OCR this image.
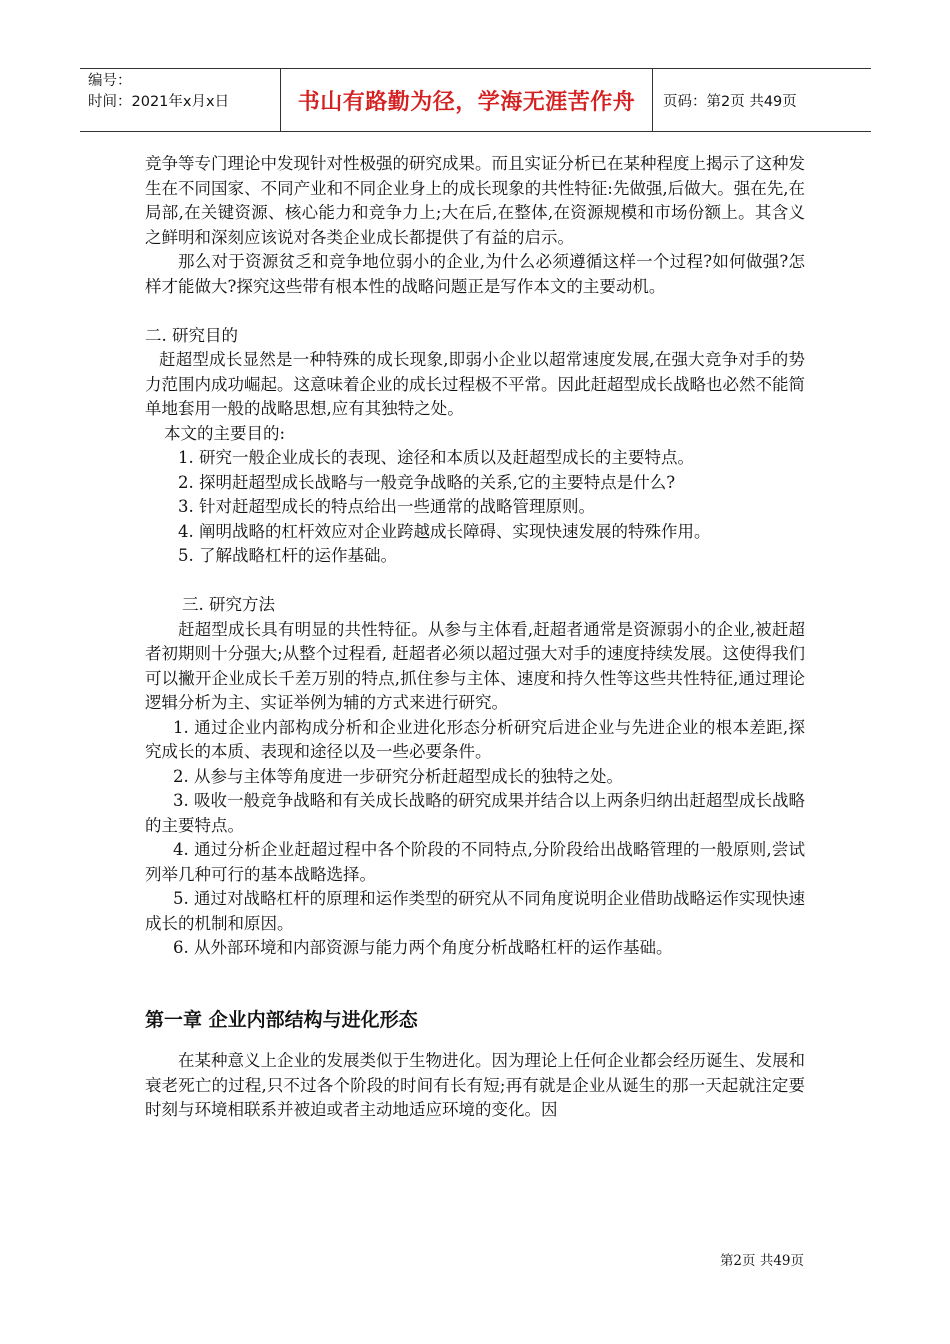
编号：
时间：2021年x月x日	书山有路勤为径，学海无涯苦作舟	页码：第2页 共49页

竞争等专门理论中发现针对性极强的研究成果。而且实证分析已在某种程度上揭示了这种发生在不同国家、不同产业和不同企业身上的成长现象的共性特征:先做强,后做大。强在先,在局部,在关键资源、核心能力和竞争力上;大在后,在整体,在资源规模和市场份额上。其含义之鲜明和深刻应该说对各类企业成长都提供了有益的启示。

那么对于资源贫乏和竞争地位弱小的企业,为什么必须遵循这样一个过程?如何做强?怎样才能做大?探究这些带有根本性的战略问题正是写作本文的主要动机。

二. 研究目的

赶超型成长显然是一种特殊的成长现象,即弱小企业以超常速度发展,在强大竞争对手的势力范围内成功崛起。这意味着企业的成长过程极不平常。因此赶超型成长战略也必然不能简单地套用一般的战略思想,应有其独特之处。

本文的主要目的:

1. 研究一般企业成长的表现、途径和本质以及赶超型成长的主要特点。

2. 探明赶超型成长战略与一般竞争战略的关系,它的主要特点是什么?

3. 针对赶超型成长的特点给出一些通常的战略管理原则。

4. 阐明战略的杠杆效应对企业跨越成长障碍、实现快速发展的特殊作用。

5. 了解战略杠杆的运作基础。

三. 研究方法

赶超型成长具有明显的共性特征。从参与主体看,赶超者通常是资源弱小的企业,被赶超者初期则十分强大;从整个过程看, 赶超者必须以超过强大对手的速度持续发展。这使得我们可以撇开企业成长千差万别的特点,抓住参与主体、速度和持久性等这些共性特征,通过理论逻辑分析为主、实证举例为辅的方式来进行研究。

1. 通过企业内部构成分析和企业进化形态分析研究后进企业与先进企业的根本差距,探究成长的本质、表现和途径以及一些必要条件。

2. 从参与主体等角度进一步研究分析赶超型成长的独特之处。

3. 吸收一般竞争战略和有关成长战略的研究成果并结合以上两条归纳出赶超型成长战略的主要特点。

4. 通过分析企业赶超过程中各个阶段的不同特点,分阶段给出战略管理的一般原则,尝试列举几种可行的基本战略选择。

5. 通过对战略杠杆的原理和运作类型的研究从不同角度说明企业借助战略运作实现快速成长的机制和原因。

6. 从外部环境和内部资源与能力两个角度分析战略杠杆的运作基础。

第一章 企业内部结构与进化形态

在某种意义上企业的发展类似于生物进化。因为理论上任何企业都会经历诞生、发展和衰老死亡的过程,只不过各个阶段的时间有长有短;再有就是企业从诞生的那一天起就注定要时刻与环境相联系并被迫或者主动地适应环境的变化。因

第2页 共49页
